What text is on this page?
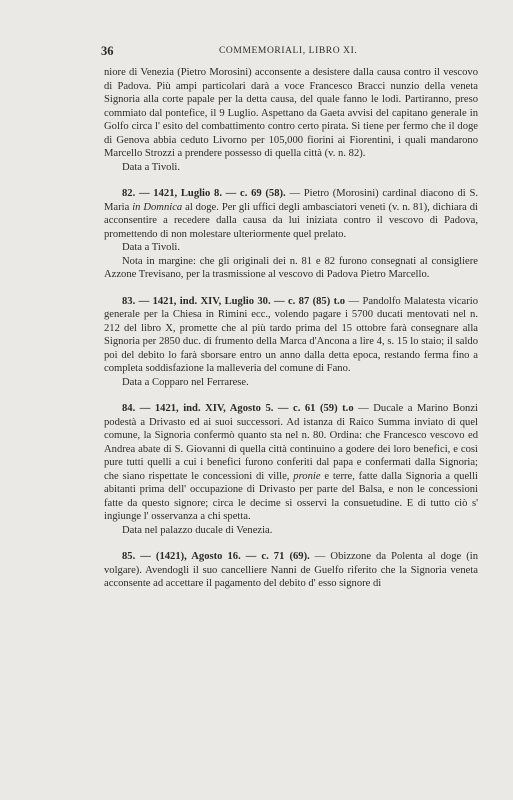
36	COMMEMORIALI, LIBRO XI.

niore di Venezia (Pietro Morosini) acconsente a desistere dalla causa contro il vescovo di Padova. Più ampi particolari darà a voce Francesco Bracci nunzio della veneta Signoria alla corte papale per la detta causa, del quale fanno le lodi. Partiranno, preso commiato dal pontefice, il 9 Luglio. Aspettano da Gaeta avvisi del capitano generale in Golfo circa l' esito del combattimento contro certo pirata. Si tiene per fermo che il doge di Genova abbia ceduto Livorno per 105,000 fiorini ai Fiorentini, i quali mandarono Marcello Strozzi a prendere possesso di quella città (v. n. 82).

Data a Tivoli.

82. — 1421, Luglio 8. — c. 69 (58). — Pietro (Morosini) cardinal diacono di S. Maria in Domnica al doge. Per gli uffici degli ambasciatori veneti (v. n. 81), dichiara di acconsentire a recedere dalla causa da lui iniziata contro il vescovo di Padova, promettendo di non molestare ulteriormente quel prelato.

Data a Tivoli.

Nota in margine: che gli originali dei n. 81 e 82 furono consegnati al consigliere Azzone Trevisano, per la trasmissione al vescovo di Padova Pietro Marcello.

83. — 1421, ind. XIV, Luglio 30. — c. 87 (85) t.o — Pandolfo Malatesta vicario generale per la Chiesa in Rimini ecc., volendo pagare i 5700 ducati mentovati nel n. 212 del libro X, promette che al più tardo prima del 15 ottobre farà consegnare alla Signoria per 2850 duc. di frumento della Marca d'Ancona a lire 4, s. 15 lo staio; il saldo poi del debito lo farà sborsare entro un anno dalla detta epoca, restando ferma fino a completa soddisfazione la malleveria del comune di Fano.

Data a Copparo nel Ferrarese.

84. — 1421, ind. XIV, Agosto 5. — c. 61 (59) t.o — Ducale a Marino Bonzi podestà a Drivasto ed ai suoi successori. Ad istanza di Raico Summa inviato di quel comune, la Signoria confermò quanto sta nel n. 80. Ordina: che Francesco vescovo ed Andrea abate di S. Giovanni di quella città continuino a godere dei loro benefici, e così pure tutti quelli a cui i benefici furono conferiti dal papa e confermati dalla Signoria; che siano rispettate le concessioni di ville, pronie e terre, fatte dalla Signoria a quelli abitanti prima dell' occupazione di Drivasto per parte del Balsa, e non le concessioni fatte da questo signore; circa le decime si osservi la consuetudine. E di tutto ciò s' ingiunge l' osservanza a chi spetta.

Data nel palazzo ducale di Venezia.

85. — (1421), Agosto 16. — c. 71 (69). — Obizzone da Polenta al doge (in volgare). Avendogli il suo cancelliere Nanni de Guelfo riferito che la Signoria veneta acconsente ad accettare il pagamento del debito d' esso signore di
